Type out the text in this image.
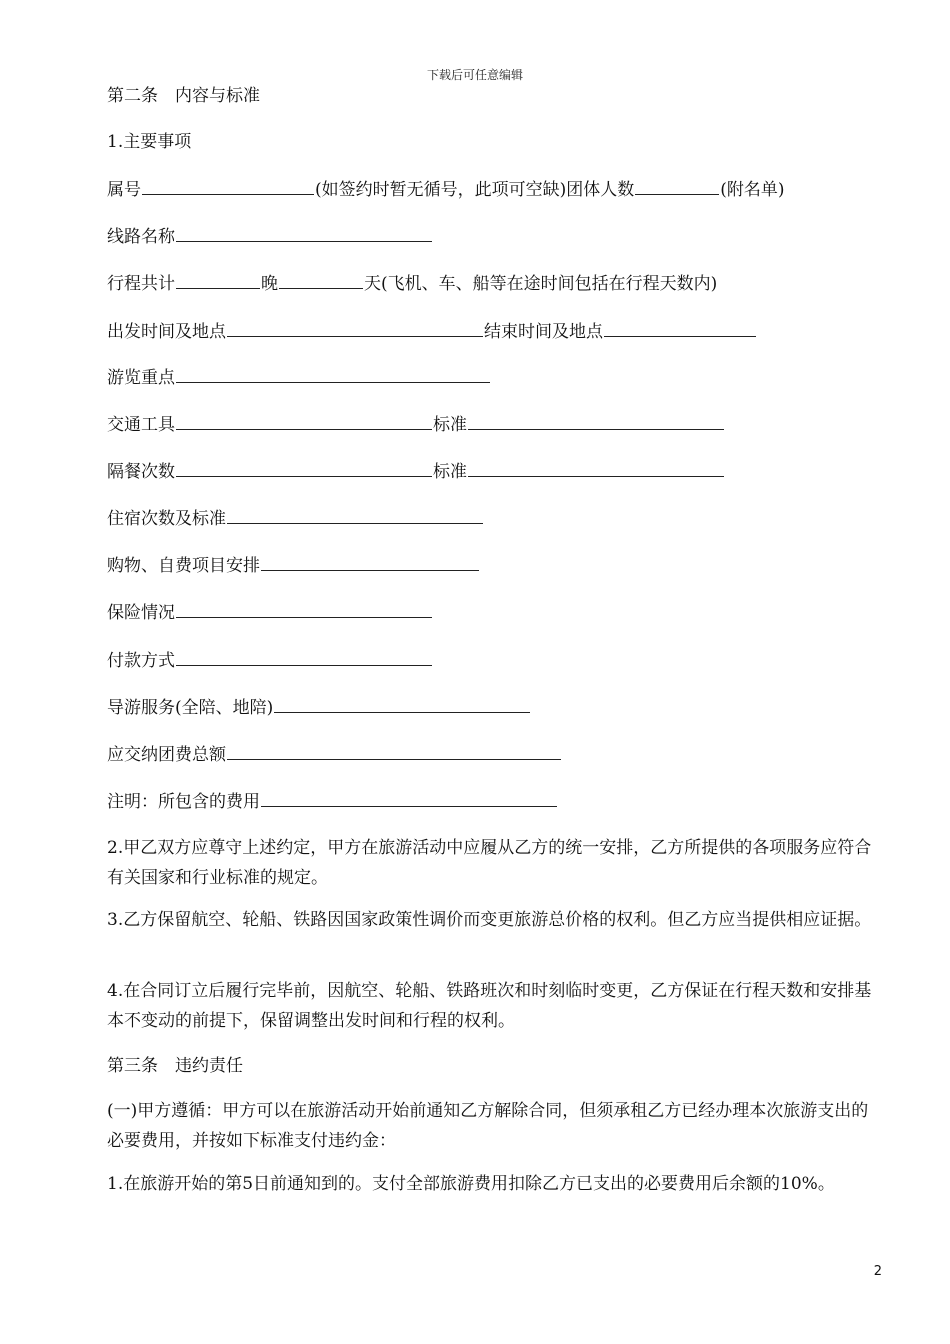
下载后可任意编辑
第二条　内容与标准
1.主要事项
属号	(如签约时暂无循号，此项可空缺)团体人数	(附名单)
线路名称
行程共计	晚	天(飞机、车、船等在途时间包括在行程天数内)
出发时间及地点	结束时间及地点
游览重点
交通工具	标准
隔餐次数	标准
住宿次数及标准
购物、自费项目安排
保险情况
付款方式
导游服务(全陪、地陪)
应交纳团费总额
注明：所包含的费用
2.甲乙双方应尊守上述约定，甲方在旅游活动中应履从乙方的统一安排，乙方所提供的各项服务应符合有关国家和行业标准的规定。
3.乙方保留航空、轮船、铁路因国家政策性调价而变更旅游总价格的权利。但乙方应当提供相应证据。
4.在合同订立后履行完毕前，因航空、轮船、铁路班次和时刻临时变更，乙方保证在行程天数和安排基本不变动的前提下，保留调整出发时间和行程的权利。
第三条　违约责任
(一)甲方遵循：甲方可以在旅游活动开始前通知乙方解除合同，但须承租乙方已经办理本次旅游支出的必要费用，并按如下标准支付违约金：
1.在旅游开始的第5日前通知到的。支付全部旅游费用扣除乙方已支出的必要费用后余额的10%。
2
